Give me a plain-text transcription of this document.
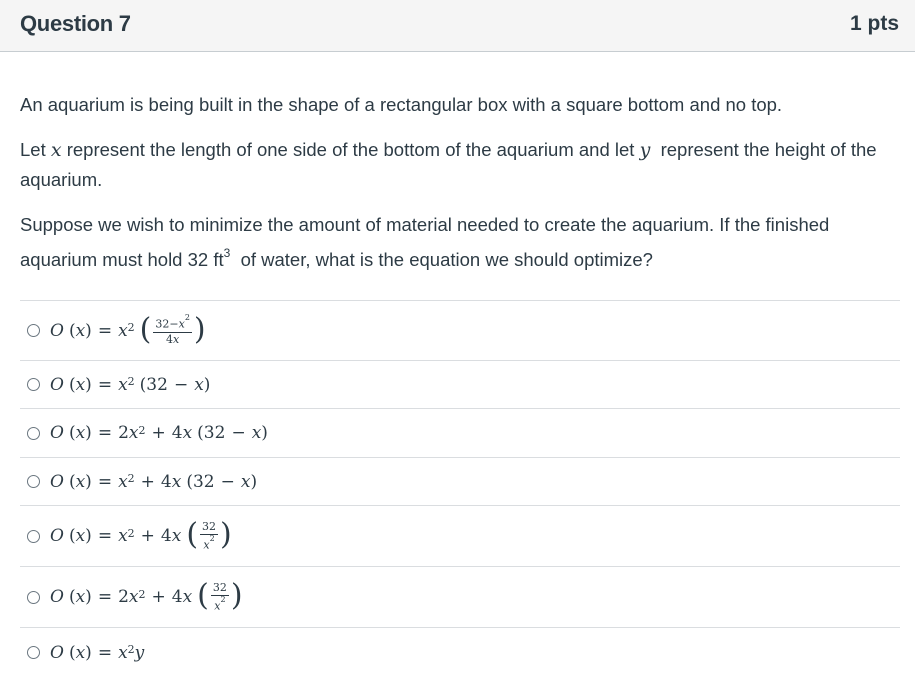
Question 7	1 pts

An aquarium is being built in the shape of a rectangular box with a square bottom and no top.

Let x represent the length of one side of the bottom of the aquarium and let y  represent the height of the aquarium.

Suppose we wish to minimize the amount of material needed to create the aquarium. If the finished aquarium must hold 32 $ft^3$  of water, what is the equation we should optimize?

O ( x ) = $x^2$ ( $\frac{32-x^2}{4x}$ )
O ( x ) = $x^2$ ( 32 − x )
O ( x ) = 2 $x^2 + 4$ x ( 32 − x )
O ( x ) = $x^2 + 4$ x ( 32 − x )
O ( x ) = $x^2 + 4$ x ( $\frac{32}{x^2}$ )
O ( x ) = 2 $x^2 + 4$ x ( $\frac{32}{x^2}$ )
O ( x ) = $x^2$ y
